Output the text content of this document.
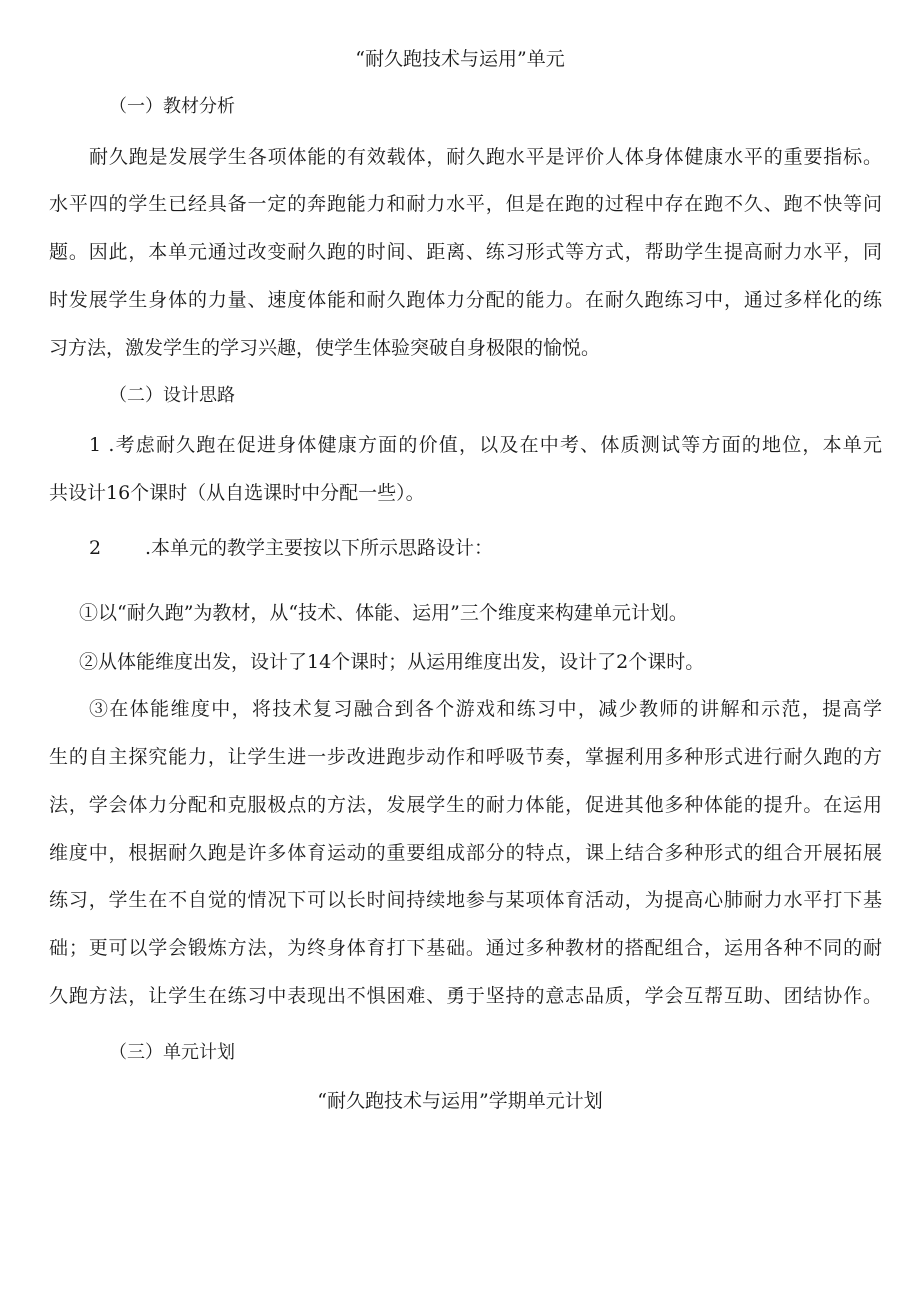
“耐久跑技术与运用”单元

（一）教材分析

耐久跑是发展学生各项体能的有效载体，耐久跑水平是评价人体身体健康水平的重要指标。

水平四的学生已经具备一定的奔跑能力和耐力水平，但是在跑的过程中存在跑不久、跑不快等问

题。因此，本单元通过改变耐久跑的时间、距离、练习形式等方式，帮助学生提高耐力水平，同

时发展学生身体的力量、速度体能和耐久跑体力分配的能力。在耐久跑练习中，通过多样化的练

习方法，激发学生的学习兴趣，使学生体验突破自身极限的愉悦。

（二）设计思路

1 .考虑耐久跑在促进身体健康方面的价值，以及在中考、体质测试等方面的地位，本单元

共设计16个课时（从自选课时中分配一些）。

2 .本单元的教学主要按以下所示思路设计：

①以“耐久跑”为教材，从“技术、体能、运用”三个维度来构建单元计划。

②从体能维度出发，设计了14个课时；从运用维度出发，设计了2个课时。

③在体能维度中，将技术复习融合到各个游戏和练习中，减少教师的讲解和示范，提高学

生的自主探究能力，让学生进一步改进跑步动作和呼吸节奏，掌握利用多种形式进行耐久跑的方

法，学会体力分配和克服极点的方法，发展学生的耐力体能，促进其他多种体能的提升。在运用

维度中，根据耐久跑是许多体育运动的重要组成部分的特点，课上结合多种形式的组合开展拓展

练习，学生在不自觉的情况下可以长时间持续地参与某项体育活动，为提高心肺耐力水平打下基

础；更可以学会锻炼方法，为终身体育打下基础。通过多种教材的搭配组合，运用各种不同的耐

久跑方法，让学生在练习中表现出不惧困难、勇于坚持的意志品质，学会互帮互助、团结协作。

（三）单元计划

“耐久跑技术与运用”学期单元计划
